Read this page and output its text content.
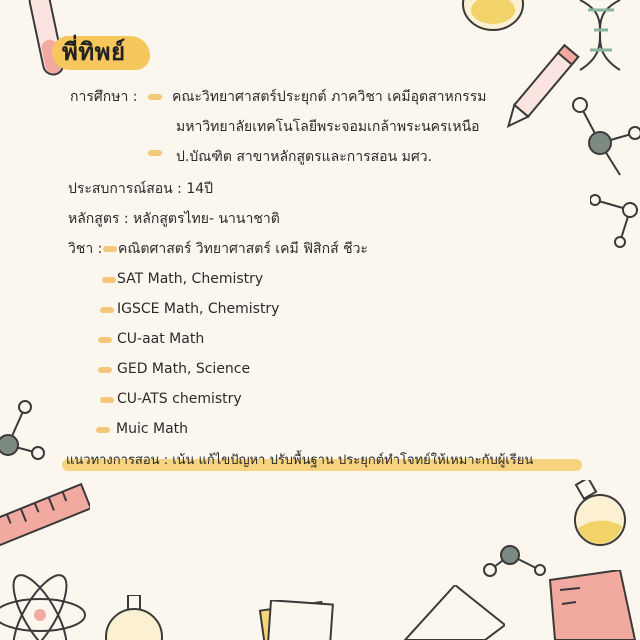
พี่ทิพย์
การศึกษา : คณะวิทยาศาสตร์ประยุกต์ ภาควิชา เคมีอุตสาหกรรม
มหาวิทยาลัยเทคโนโลยีพระจอมเกล้าพระนครเหนือ
ป.บัณฑิต สาขาหลักสูตรและการสอน มศว.
ประสบการณ์สอน : 14ปี
หลักสูตร : หลักสูตรไทย- นานาชาติ
วิชา : คณิตศาสตร์ วิทยาศาสตร์ เคมี ฟิสิกส์ ชีวะ
SAT Math, Chemistry
IGSCE Math, Chemistry
CU-aat Math
GED Math, Science
CU-ATS chemistry
Muic Math
แนวทางการสอน : เน้น แก้ไขปัญหา ปรับพื้นฐาน ประยุกต์ทำโจทย์ให้เหมาะกับผู้เรียน
